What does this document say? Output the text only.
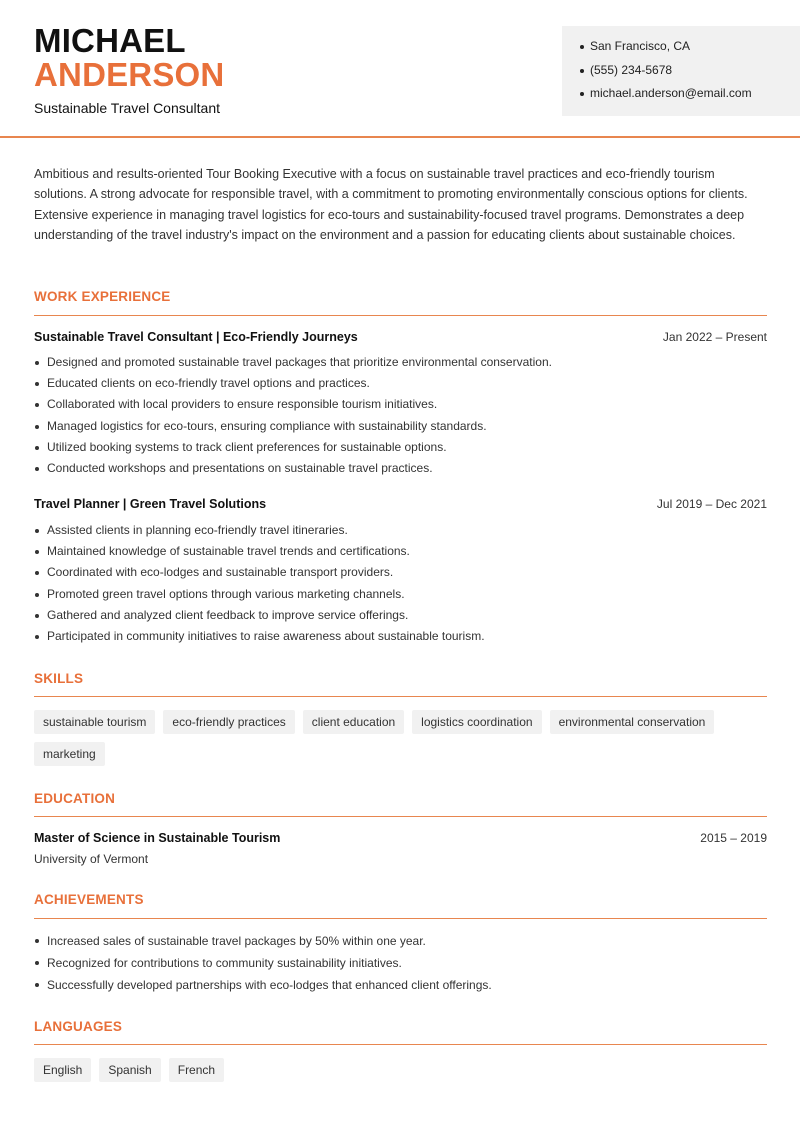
MICHAEL
ANDERSON
Sustainable Travel Consultant
San Francisco, CA
(555) 234-5678
michael.anderson@email.com

Ambitious and results-oriented Tour Booking Executive with a focus on sustainable travel practices and eco-friendly tourism solutions. A strong advocate for responsible travel, with a commitment to promoting environmentally conscious options for clients. Extensive experience in managing travel logistics for eco-tours and sustainability-focused travel programs. Demonstrates a deep understanding of the travel industry's impact on the environment and a passion for educating clients about sustainable choices.

WORK EXPERIENCE
Sustainable Travel Consultant | Eco-Friendly Journeys	Jan 2022 – Present
Designed and promoted sustainable travel packages that prioritize environmental conservation.
Educated clients on eco-friendly travel options and practices.
Collaborated with local providers to ensure responsible tourism initiatives.
Managed logistics for eco-tours, ensuring compliance with sustainability standards.
Utilized booking systems to track client preferences for sustainable options.
Conducted workshops and presentations on sustainable travel practices.
Travel Planner | Green Travel Solutions	Jul 2019 – Dec 2021
Assisted clients in planning eco-friendly travel itineraries.
Maintained knowledge of sustainable travel trends and certifications.
Coordinated with eco-lodges and sustainable transport providers.
Promoted green travel options through various marketing channels.
Gathered and analyzed client feedback to improve service offerings.
Participated in community initiatives to raise awareness about sustainable tourism.
SKILLS
sustainable tourism	eco-friendly practices	client education	logistics coordination	environmental conservation
marketing
EDUCATION
Master of Science in Sustainable Tourism	2015 – 2019
University of Vermont
ACHIEVEMENTS
Increased sales of sustainable travel packages by 50% within one year.
Recognized for contributions to community sustainability initiatives.
Successfully developed partnerships with eco-lodges that enhanced client offerings.
LANGUAGES
English	Spanish	French
